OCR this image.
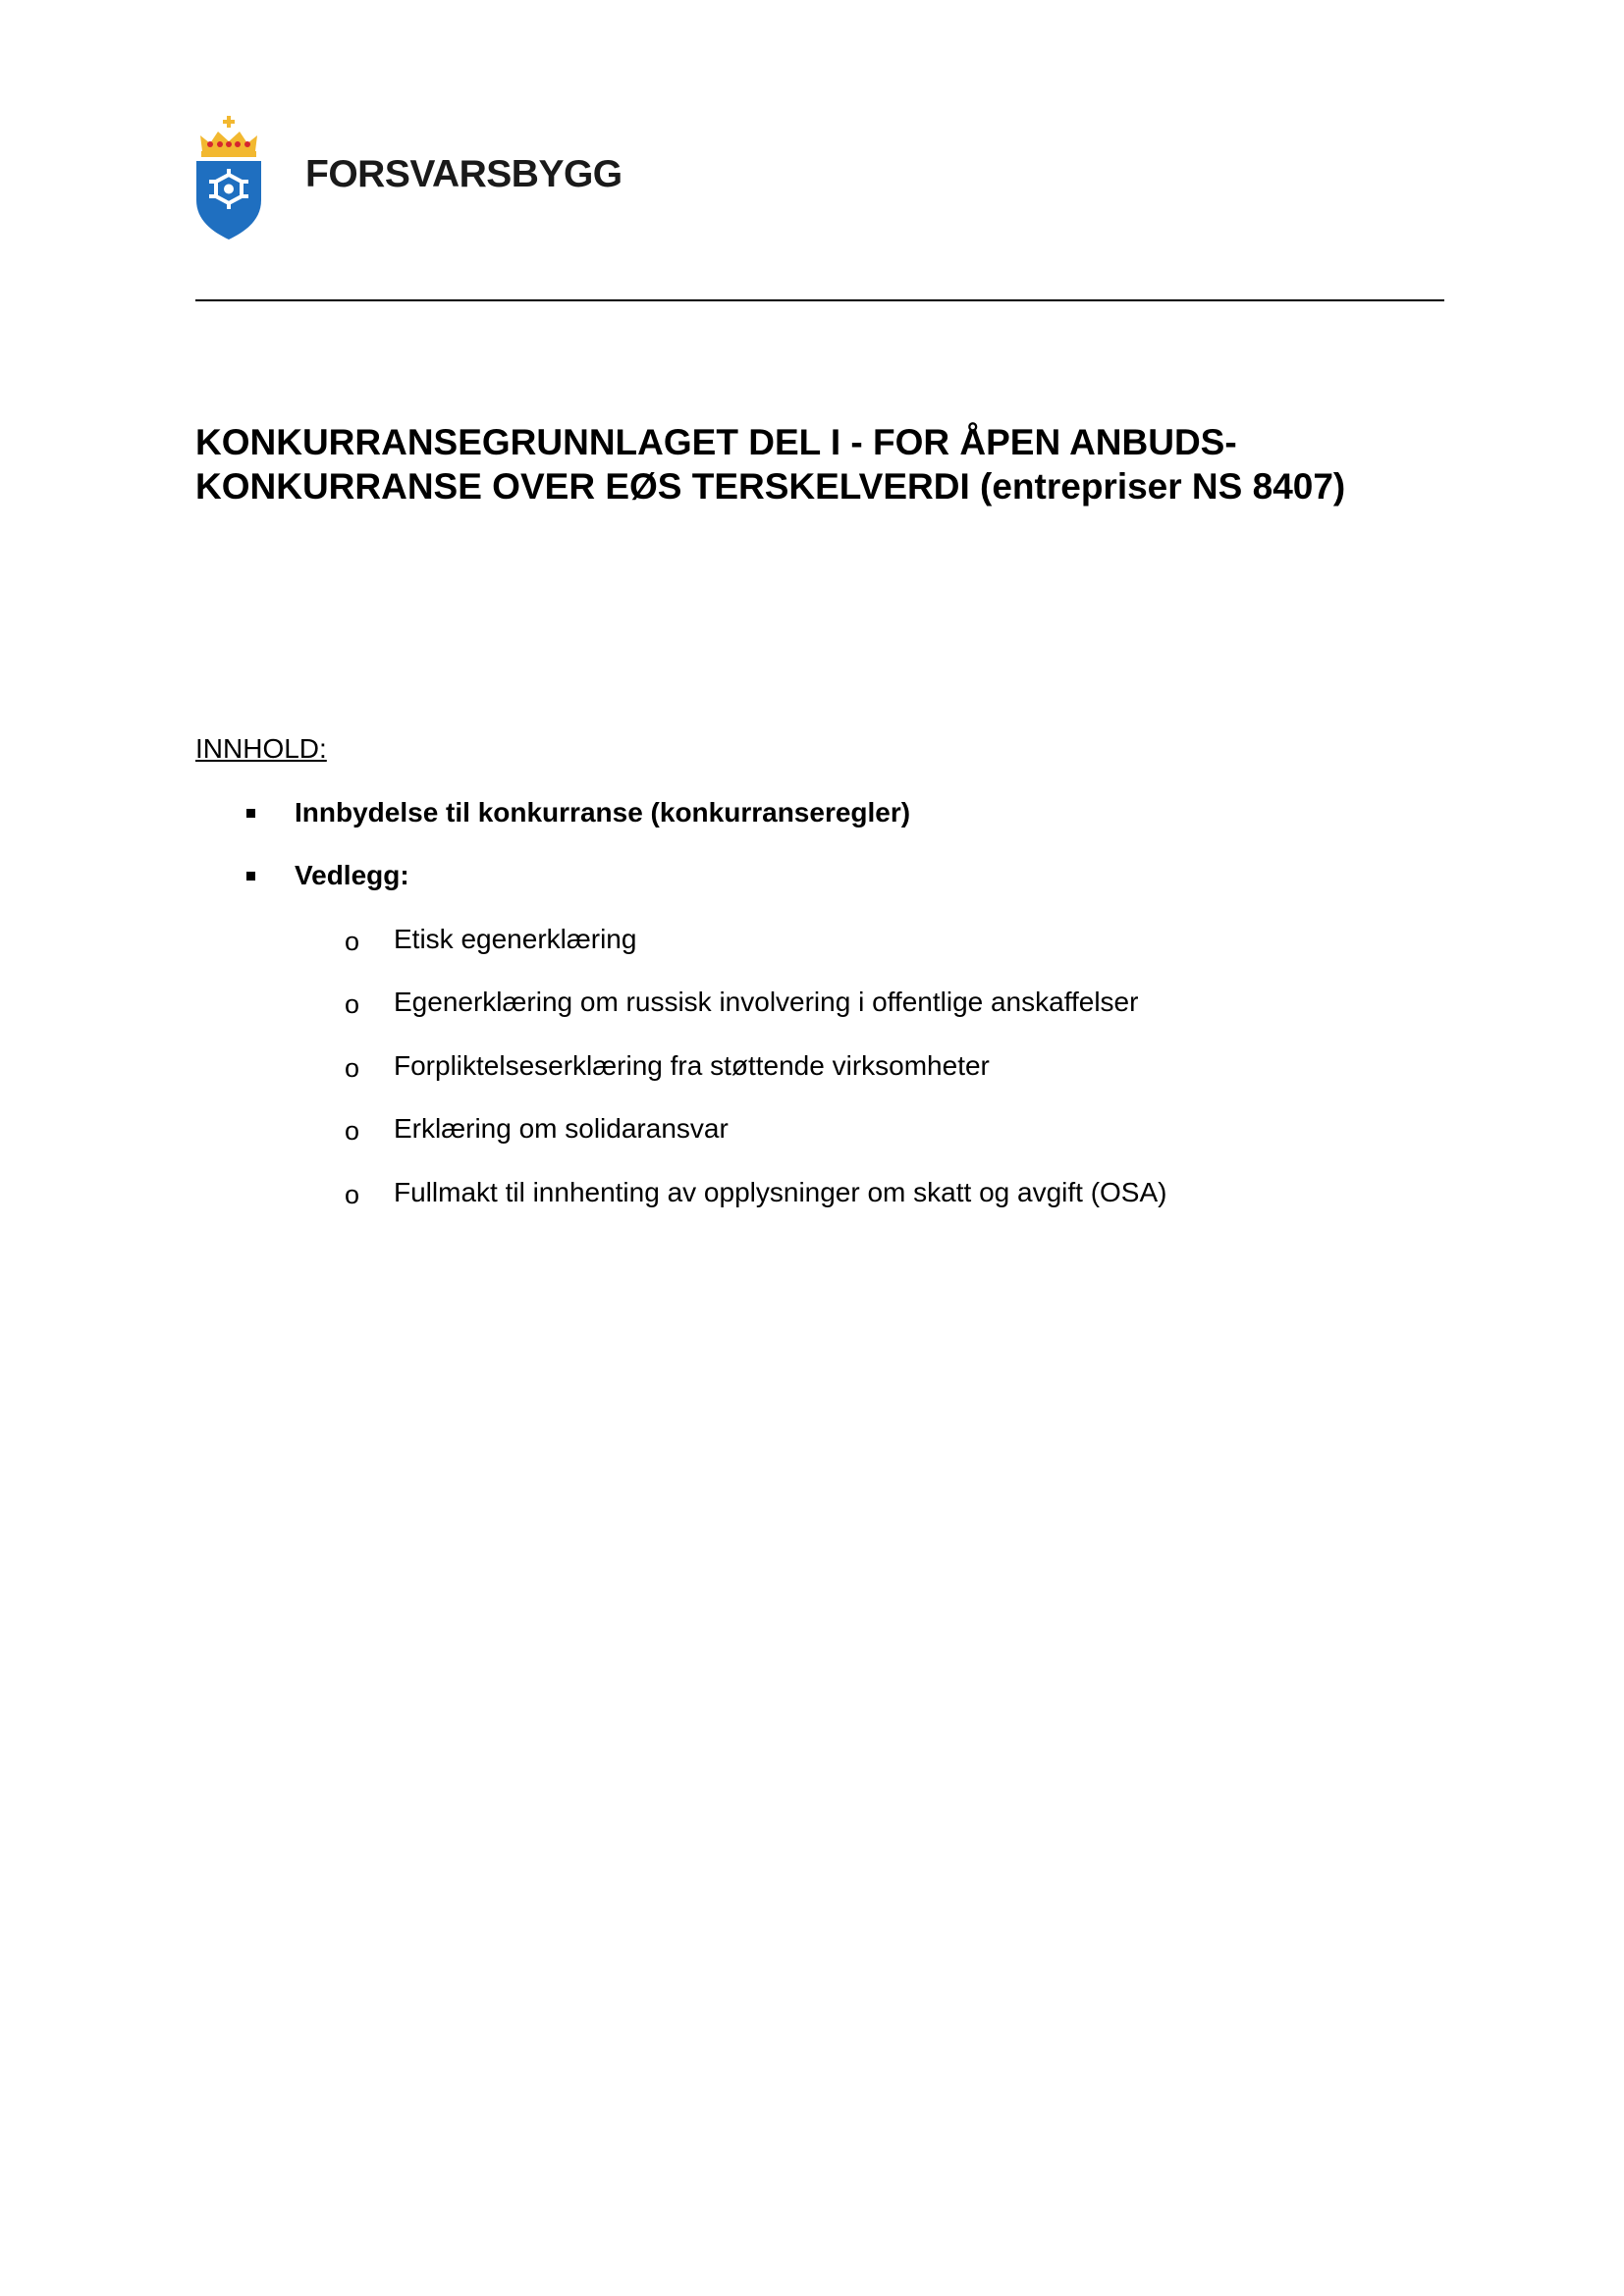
FORSVARSBYGG
KONKURRANSEGRUNNLAGET DEL I - FOR ÅPEN ANBUDS-
KONKURRANSE OVER EØS TERSKELVERDI (entrepriser NS 8407)
INNHOLD:
Innbydelse til konkurranse (konkurranseregler)
Vedlegg:
o Etisk egenerklæring
o Egenerklæring om russisk involvering i offentlige anskaffelser
o Forpliktelseserklæring fra støttende virksomheter
o Erklæring om solidaransvar
o Fullmakt til innhenting av opplysninger om skatt og avgift (OSA)
